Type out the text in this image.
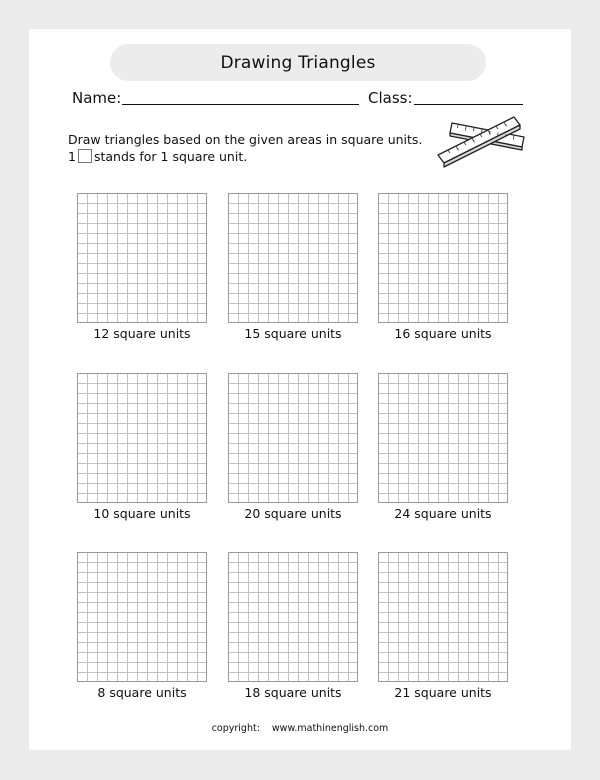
Drawing Triangles
Name:	Class:
Draw triangles based on the given areas in square units.
1 stands for 1 square unit.
12 square units	15 square units	16 square units
10 square units	20 square units	24 square units
8 square units	18 square units	21 square units
copyright: www.mathinenglish.com
